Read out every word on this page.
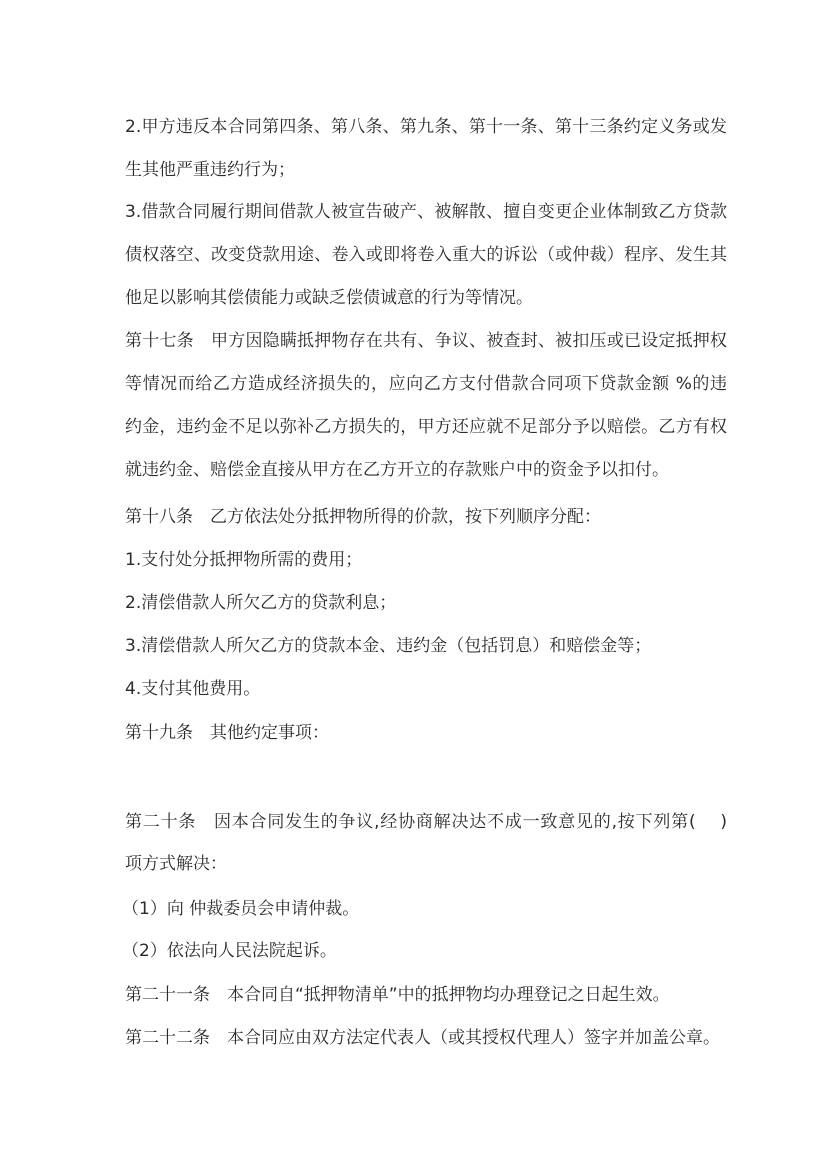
2.甲方违反本合同第四条、第八条、第九条、第十一条、第十三条约定义务或发
生其他严重违约行为；
3.借款合同履行期间借款人被宣告破产、被解散、擅自变更企业体制致乙方贷款
债权落空、改变贷款用途、卷入或即将卷入重大的诉讼（或仲裁）程序、发生其
他足以影响其偿债能力或缺乏偿债诚意的行为等情况。
第十七条　甲方因隐瞒抵押物存在共有、争议、被查封、被扣压或已设定抵押权
等情况而给乙方造成经济损失的，应向乙方支付借款合同项下贷款金额 %的违
约金，违约金不足以弥补乙方损失的，甲方还应就不足部分予以赔偿。乙方有权
就违约金、赔偿金直接从甲方在乙方开立的存款账户中的资金予以扣付。
第十八条　乙方依法处分抵押物所得的价款，按下列顺序分配：
1.支付处分抵押物所需的费用；
2.清偿借款人所欠乙方的贷款利息；
3.清偿借款人所欠乙方的贷款本金、违约金（包括罚息）和赔偿金等；
4.支付其他费用。
第十九条　其他约定事项：
第二十条　因本合同发生的争议,经协商解决达不成一致意见的,按下列第(　 )
项方式解决：
（1）向 仲裁委员会申请仲裁。
（2）依法向人民法院起诉。
第二十一条　本合同自“抵押物清单”中的抵押物均办理登记之日起生效。
第二十二条　本合同应由双方法定代表人（或其授权代理人）签字并加盖公章。
